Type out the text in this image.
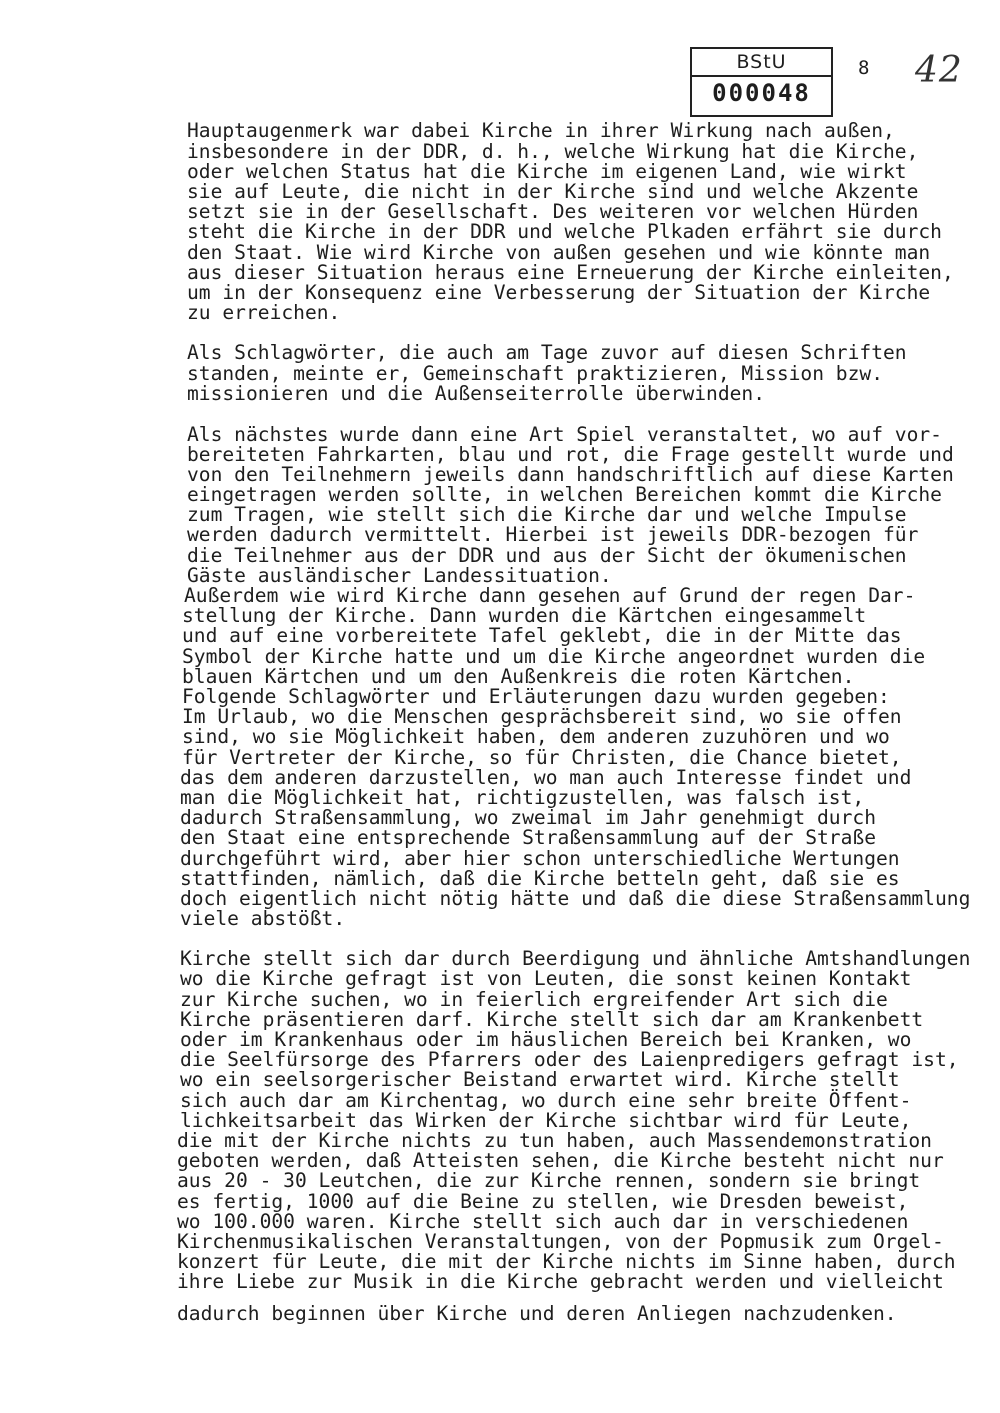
BStU
000048
8 42
Hauptaugenmerk war dabei Kirche in ihrer Wirkung nach außen,
insbesondere in der DDR, d. h., welche Wirkung hat die Kirche,
oder welchen Status hat die Kirche im eigenen Land, wie wirkt
sie auf Leute, die nicht in der Kirche sind und welche Akzente
setzt sie in der Gesellschaft. Des weiteren vor welchen Hürden
steht die Kirche in der DDR und welche Plkaden erfährt sie durch
den Staat. Wie wird Kirche von außen gesehen und wie könnte man
aus dieser Situation heraus eine Erneuerung der Kirche einleiten,
um in der Konsequenz eine Verbesserung der Situation der Kirche
zu erreichen.
Als Schlagwörter, die auch am Tage zuvor auf diesen Schriften
standen, meinte er, Gemeinschaft praktizieren, Mission bzw.
missionieren und die Außenseiterrolle überwinden.
Als nächstes wurde dann eine Art Spiel veranstaltet, wo auf vor-
bereiteten Fahrkarten, blau und rot, die Frage gestellt wurde und
von den Teilnehmern jeweils dann handschriftlich auf diese Karten
eingetragen werden sollte, in welchen Bereichen kommt die Kirche
zum Tragen, wie stellt sich die Kirche dar und welche Impulse
werden dadurch vermittelt. Hierbei ist jeweils DDR-bezogen für
die Teilnehmer aus der DDR und aus der Sicht der ökumenischen
Gäste ausländischer Landessituation.
Außerdem wie wird Kirche dann gesehen auf Grund der regen Dar-
stellung der Kirche. Dann wurden die Kärtchen eingesammelt
und auf eine vorbereitete Tafel geklebt, die in der Mitte das
Symbol der Kirche hatte und um die Kirche angeordnet wurden die
blauen Kärtchen und um den Außenkreis die roten Kärtchen.
Folgende Schlagwörter und Erläuterungen dazu wurden gegeben:
Im Urlaub, wo die Menschen gesprächsbereit sind, wo sie offen
sind, wo sie Möglichkeit haben, dem anderen zuzuhören und wo
für Vertreter der Kirche, so für Christen, die Chance bietet,
das dem anderen darzustellen, wo man auch Interesse findet und
man die Möglichkeit hat, richtigzustellen, was falsch ist,
dadurch Straßensammlung, wo zweimal im Jahr genehmigt durch
den Staat eine entsprechende Straßensammlung auf der Straße
durchgeführt wird, aber hier schon unterschiedliche Wertungen
stattfinden, nämlich, daß die Kirche betteln geht, daß sie es
doch eigentlich nicht nötig hätte und daß die diese Straßensammlung
viele abstößt.
Kirche stellt sich dar durch Beerdigung und ähnliche Amtshandlungen
wo die Kirche gefragt ist von Leuten, die sonst keinen Kontakt
zur Kirche suchen, wo in feierlich ergreifender Art sich die
Kirche präsentieren darf. Kirche stellt sich dar am Krankenbett
oder im Krankenhaus oder im häuslichen Bereich bei Kranken, wo
die Seelfürsorge des Pfarrers oder des Laienpredigers gefragt ist,
wo ein seelsorgerischer Beistand erwartet wird. Kirche stellt
sich auch dar am Kirchentag, wo durch eine sehr breite Öffent-
lichkeitsarbeit das Wirken der Kirche sichtbar wird für Leute,
die mit der Kirche nichts zu tun haben, auch Massendemonstration
geboten werden, daß Atteisten sehen, die Kirche besteht nicht nur
aus 20 - 30 Leutchen, die zur Kirche rennen, sondern sie bringt
es fertig, 1000 auf die Beine zu stellen, wie Dresden beweist,
wo 100.000 waren. Kirche stellt sich auch dar in verschiedenen
Kirchenmusikalischen Veranstaltungen, von der Popmusik zum Orgel-
konzert für Leute, die mit der Kirche nichts im Sinne haben, durch
ihre Liebe zur Musik in die Kirche gebracht werden und vielleicht
dadurch beginnen über Kirche und deren Anliegen nachzudenken.
